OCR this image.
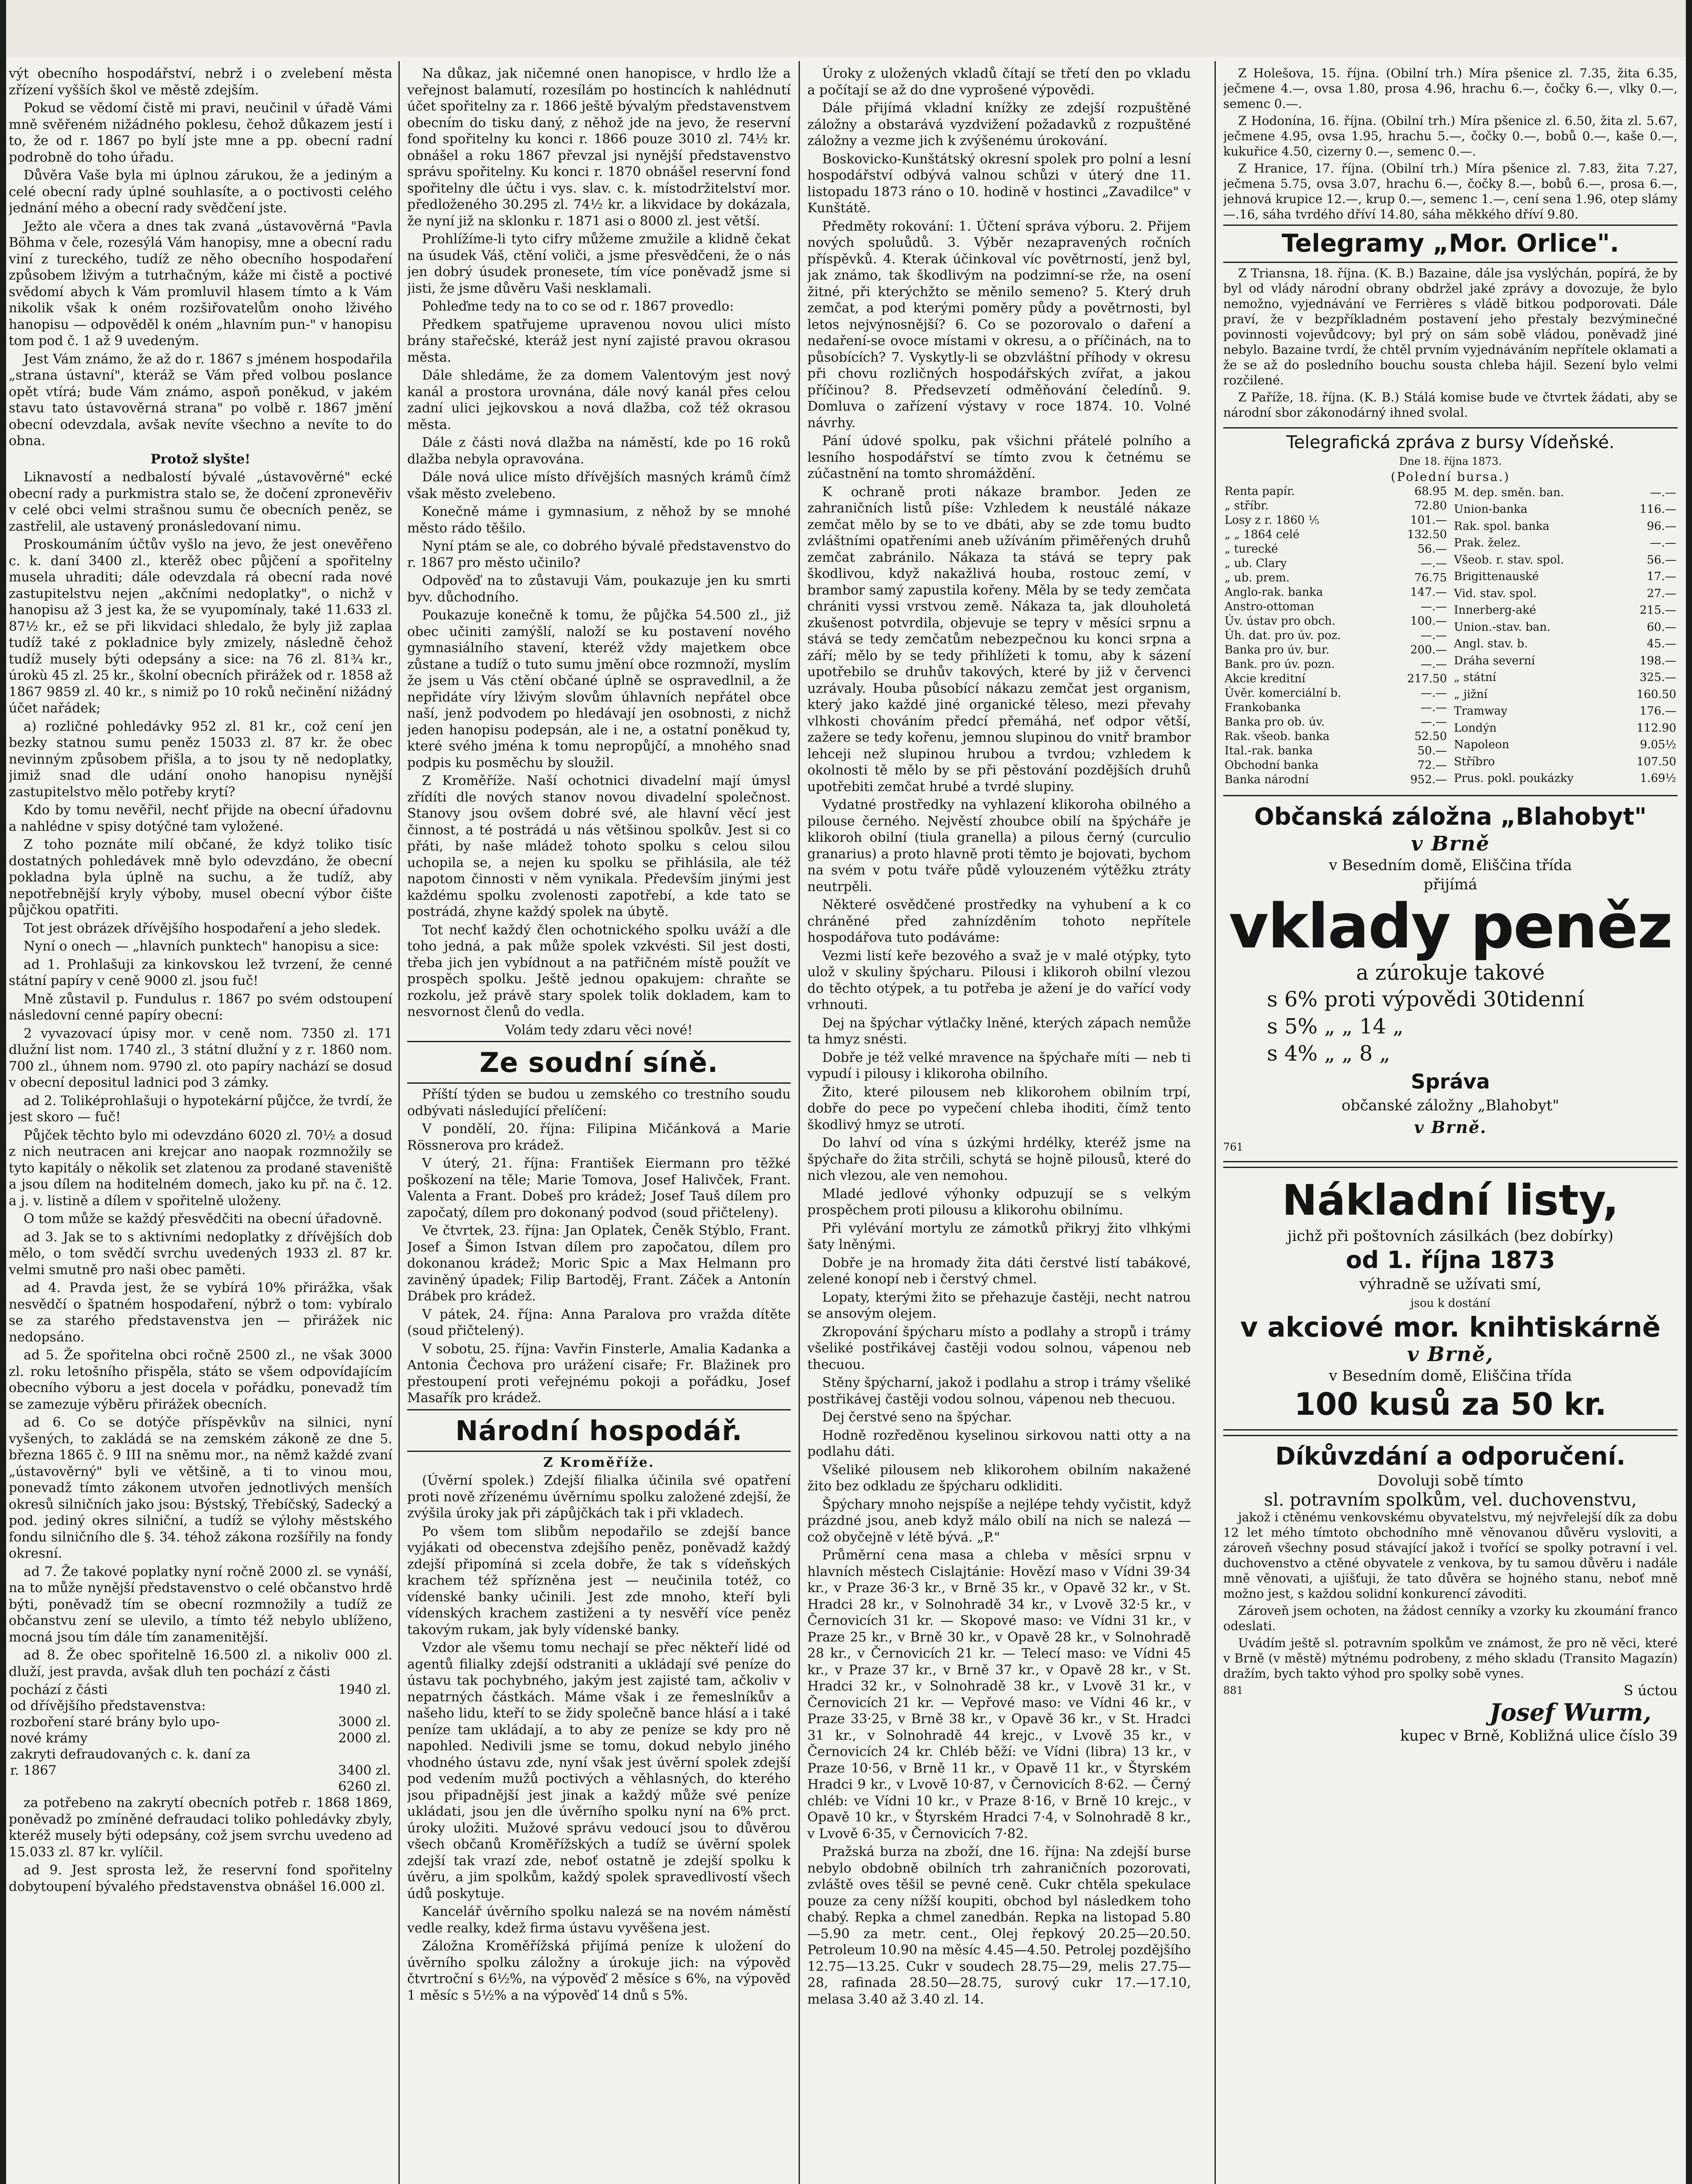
výt obecního hospodářství, nebrž i o zvelebení města zřízení vyšších škol ve městě zdejším.

Pokud se vědomí čistě mi pravi, neučinil v úřadě Vámi mně svěřeném nižádného poklesu, čehož důkazem jestí i to, že od r. 1867 po bylí jste mne a pp. obecní radní podrobně do toho úřadu.

Důvěra Vaše byla mi úplnou zárukou, že a jediným a celé obecní rady úplné souhlasíte, a o poctivosti celého jednání mého a obecní rady svědčení jste.

Ježto ale včera a dnes tak zvaná „ústavověrná "Pavla Böhma v čele, rozesýlá Vám hanopisy, mne a obecní radu viní z tureckého, tudíž ze něho obecního hospodaření způsobem lživým a tutrhačným, káže mi čistě a poctivé svědomí abych k Vám promluvil hlasem tímto a k Vám nikolik však k oném rozšiřovatelům onoho lživého hanopisu — odpověděl k oném „hlavním pun-" v hanopisu tom pod č. 1 až 9 uvedeným.

Jest Vám známo, že až do r. 1867 s jménem hospodařila „strana ústavní", kteráž se Vám před volbou poslance opět vtírá; bude Vám známo, aspoň poněkud, v jakém stavu tato ústavověrná strana" po volbě r. 1867 jmění obecní odevzdala, avšak nevíte všechno a nevíte to do obna.

Protož slyšte!

Liknavostí a nedbalostí bývalé „ústavověrné" ecké obecní rady a purkmistra stalo se, že dočení zpronevěřiv v celé obci velmi strašnou sumu če obecních peněz, se zastřelil, ale ustavený pronásledovaní nimu.

Proskoumáním účtův vyšlo na jevo, že jest onevěřeno c. k. daní 3400 zl., kterěž obec půjčení a spořitelny musela uhraditi; dále odevzdala rá obecní rada nové zastupitelstvu nejen „akčními nedoplatky", o nichž v hanopisu až 3 jest ka, že se vyupomínaly, také 11.633 zl. 87½ kr., ež se při likvidaci shledalo, že byly již zaplaa tudíž také z pokladnice byly zmizely, následně čehož tudíž musely býti odepsány a sice: na 76 zl. 81¾ kr., úrokù 45 zl. 25 kr., školní obecních přirážek od r. 1858 až 1867 9859 zl. 40 kr., s nimiž po 10 roků nečinění nižádný účet nařádek;

a) rozličné pohledávky 952 zl. 81 kr., což cení jen bezky statnou sumu peněz 15033 zl. 87 kr. že obec nevinným způsobem přišla, a to jsou ty ně nedoplatky, jimiž snad dle udání onoho hanopisu nynější zastupitelstvo mělo potřeby krytí?

Kdo by tomu nevěřil, nechť přijde na obecní úřadovnu a nahlédne v spisy dotýčné tam vyložené.

Z toho poznáte milí občané, že kdyż toliko tisíc dostatných pohledávek mně bylo odevzdáno, že obecní pokladna byla úplně na suchu, a že tudíž, aby nepotřebnější kryly výboby, musel obecní výbor čište půjčkou opatřiti.

Tot jest obrázek dřívějšího hospodaření a jeho sledek.

Nyní o onech — „hlavních punktech" hanopisu a sice:

ad 1. Prohlašuji za kinkovskou lež tvrzení, že cenné státní papíry v ceně 9000 zl. jsou fuč!

Mně zůstavil p. Fundulus r. 1867 po svém odstoupení následovní cenné papíry obecní:

2 vyvazovací úpisy mor. v ceně nom. 7350 zl. 171 dlužní list nom. 1740 zl., 3 státní dlužní y z r. 1860 nom. 700 zl., úhnem nom. 9790 zl. oto papíry nachází se dosud v obecní depositul ladnici pod 3 zámky.

ad 2. Toliképrohlašuji o hypotekární půjčce, že tvrdí, že jest skoro — fuč!

Půjček těchto bylo mi odevzdáno 6020 zl. 70½ a dosud z nich neutracen ani krejcar ano naopak rozmnožily se tyto kapitály o několik set zlatenou za prodané staveniště a jsou dílem na hoditelném domech, jako ku př. na č. 12. a j. v. listině a dílem v spořitelně uloženy.

O tom může se každý přesvědčiti na obecní úřadovně.

ad 3. Jak se to s aktivními nedoplatky z dřívějších dob mělo, o tom svědčí svrchu uvedených 1933 zl. 87 kr. velmi smutně pro naši obec paměti.

ad 4. Pravda jest, že se vybírá 10% přirážka, však nesvědčí o špatném hospodaření, nýbrž o tom: vybíralo se za starého představenstva jen — přirážek nic nedopsáno.

ad 5. Že spořitelna obci ročně 2500 zl., ne však 3000 zl. roku letošního přispěla, státo se všem odpovídajícím obecního výboru a jest docela v pořádku, ponevadž tím se zamezuje výběru přirážek obecních.

ad 6. Co se dotýče příspěvkův na silnici, nyní vyšených, to zakládá se na zemském zákoně ze dne 5. března 1865 č. 9 III na sněmu mor., na němž každé zvaní „ústavověrný" byli ve většině, a ti to vinou mou, ponevadž tímto zákonem utvořen jednotlivých menších okresů silničních jako jsou: Býstský, Třebíčský, Sadecký a pod. jediný okres silniční, a tudíž se výlohy městského fondu silničního dle §. 34. téhož zákona rozšířily na fondy okresní.

ad 7. Že takové poplatky nyní ročně 2000 zl. se vynáší, na to může nynější představenstvo o celé občanstvo hrdě býti, poněvadž tím se obecní rozmnožily a tudíž ze občanstvu zení se ulevilo, a tímto též nebylo ublíženo, mocná jsou tím dále tím zanamenitější.

ad 8. Že obec spořitelně 16.500 zl. a nikoliv 000 zl. dluží, jest pravda, avšak dluh ten pochází z části

pochází z části	1940 zl.
od dřívějšího představenstva:	
rozboření staré brány bylo upo-	3000 zl.
nové krámy	2000 zl.
zakryti defraudovaných c. k. daní za	
r. 1867	3400 zl.
	6260 zl.

za potřebeno na zakrytí obecních potřeb r. 1868 1869, poněvadž po zmíněné defraudaci toliko pohledávky zbyly, kteréž musely býti odepsány, což jsem svrchu uvedeno ad 15.033 zl. 87 kr. vylíčil.

ad 9. Jest sprosta lež, že reservní fond spořitelny dobytoupení bývalého představenstva obnášel 16.000 zl.

Na důkaz, jak ničemné onen hanopisce, v hrdlo lže a veřejnost balamutí, rozesílám po hostincích k nahlédnutí účet spořitelny za r. 1866 ještě bývalým představenstvem obecním do tisku daný, z něhož jde na jevo, že reservní fond spořitelny ku konci r. 1866 pouze 3010 zl. 74½ kr. obnášel a roku 1867 převzal jsi nynější představenstvo správu spořitelny. Ku konci r. 1870 obnášel reservní fond spořitelny dle účtu i vys. slav. c. k. místodržitelství mor. předloženého 30.295 zl. 74½ kr. a likvidace by dokázala, že nyní již na sklonku r. 1871 asi o 8000 zl. jest větší.

Prohlížíme-li tyto cifry můžeme zmužile a klidně čekat na úsudek Váš, ctění voliči, a jsme přesvědčeni, že o nás jen dobrý úsudek pronesete, tím více poněvadž jsme si jisti, že jsme důvěru Vaši nesklamali.

Pohleďme tedy na to co se od r. 1867 provedlo:

Předkem spatřujeme upravenou novou ulici místo brány stařečské, kteráž jest nyní zajisté pravou okrasou města.

Dále shledáme, že za domem Valentovým jest nový kanál a prostora urovnána, dále nový kanál přes celou zadní ulici jejkovskou a nová dlažba, což též okrasou města.

Dále z části nová dlažba na náměstí, kde po 16 roků dlažba nebyla opravována.

Dále nová ulice místo dřívějších masných krámů čímž však město zvelebeno.

Konečně máme i gymnasium, z něhož by se mnohé město rádo těšilo.

Nyní ptám se ale, co dobrého bývalé představenstvo do r. 1867 pro město učinilo?

Odpověď na to zůstavuji Vám, poukazuje jen ku smrti byv. důchodního.

Poukazuje konečně k tomu, že půjčka 54.500 zl., již obec učiniti zamýšlí, naloží se ku postavení nového gymnasiálního stavení, kteréž vždy majetkem obce zůstane a tudíž o tuto sumu jmění obce rozmnoží, myslím že jsem u Vás ctění občané úplně se ospravedlnil, a že nepřidáte víry lživým slovům úhlavních nepřátel obce naší, jenž podvodem po hledávají jen osobnosti, z nichž jeden hanopisu podepsán, ale i ne, a ostatní poněkud ty, které svého jména k tomu nepropůjčí, a mnohého snad podpis ku posměchu by sloužil.

Z Kroměříže. Naší ochotnici divadelní mají úmysl zřídíti dle nových stanov novou divadelní společnost. Stanovy jsou ovšem dobré své, ale hlavní věcí jest činnost, a té postrádá u nás většinou spolkův. Jest si co přáti, by naše mládež tohoto spolku s celou silou uchopila se, a nejen ku spolku se přihlásila, ale též napotom činnosti v něm vynikala. Především jinými jest každému spolku zvolenosti zapotřebí, a kde tato se postrádá, zhyne každý spolek na úbytě.

Tot nechť každý člen ochotnického spolku uváží a dle toho jedná, a pak může spolek vzkvésti. Sil jest dosti, třeba jich jen vybídnout a na patřičném místě použít ve prospěch spolku. Ještě jednou opakujem: chraňte se rozkolu, jež právě stary spolek tolik dokladem, kam to nesvornost členů do vedla.

Volám tedy zdaru věci nové!

Ze soudní síně.

Příští týden se budou u zemského co trestního soudu odbývati následující přelíčení:

V pondělí, 20. října: Filipina Mičánková a Marie Rössnerova pro krádež.

V úterý, 21. října: František Eiermann pro těžké poškození na těle; Marie Tomova, Josef Halivček, Frant. Valenta a Frant. Dobeš pro krádež; Josef Tauš dílem pro započatý, dílem pro dokonaný podvod (soud přičteleny).

Ve čtvrtek, 23. října: Jan Oplatek, Čeněk Stýblo, Frant. Josef a Šimon Istvan dílem pro započatou, dílem pro dokonanou krádež; Moric Spic a Max Helmann pro zaviněný úpadek; Filip Bartoděj, Frant. Záček a Antonín Drábek pro krádež.

V pátek, 24. října: Anna Paralova pro vražda dítěte (soud přičtelený).

V sobotu, 25. října: Vavřin Finsterle, Amalia Kadanka a Antonia Čechova pro urážení cisaře; Fr. Blažinek pro přestoupení proti veřejnému pokoji a pořádku, Josef Masařík pro krádež.

Národní hospodář.

Z Kroměříže.

(Úvěrní spolek.) Zdejší filialka účinila své opatření proti nově zřízenému úvěrnímu spolku založené zdejší, že zvýšila úroky jak při zápůjčkách tak i při vkladech.

Po všem tom slibům nepodařilo se zdejší bance vyjákati od obecenstva zdejšího peněz, poněvadž každý zdejší připomíná si zcela dobře, že tak s vídeňských krachem též spřízněna jest — neučinila totéž, co vídenské banky učinili. Jest zde mnoho, kteří byli vídenských krachem zastiženi a ty nesvěří více peněz takovým rukam, jak byly vídenské banky.

Vzdor ale všemu tomu nechají se přec někteří lidé od agentů filialky zdejší odstraniti a ukládají své peníze do ústavu tak pochybného, jakým jest zajisté tam, ačkoliv v nepatrných částkách. Máme však i ze řemeslníkův a našeho lidu, kteří to se židy společně bance hlásí a i také peníze tam ukládají, a to aby ze peníze se kdy pro ně napohled. Nedivili jsme se tomu, dokud nebylo jiného vhodného ústavu zde, nyní však jest úvěrní spolek zdejší pod vedením mužů poctivých a věhlasných, do kterého jsou připadnější jest jinak a každý může své peníze ukládati, jsou jen dle úvěrního spolku nyní na 6% prct. úroky uložiti. Mužové správu vedoucí jsou to důvěrou všech občanů Kroměřížských a tudíž se úvěrní spolek zdejší tak vrazí zde, neboť ostatně je zdejší spolku k úvěru, a jim spolkům, každý spolek spravedlivostí všech údů poskytuje.

Kancelář úvěrního spolku nalezá se na novém náměstí vedle realky, kdež firma ústavu vyvěšena jest.

Záložna Kroměřížská přijímá peníze k uložení do úvěrního spolku záložny a úrokuje jich: na výpověď čtvrtroční s 6½%, na výpověď 2 měsíce s 6%, na výpověď 1 měsíc s 5½% a na výpověď 14 dnů s 5%.

Úroky z uložených vkladů čítají se třetí den po vkladu a počítají se až do dne vyprošené výpovědi.

Dále přijímá vkladní knížky ze zdejší rozpuštěné záložny a obstarává vyzdvižení požadavků z rozpuštěné záložny a vezme jich k zvýšenému úrokování.

Boskovicko-Kunštátský okresní spolek pro polní a lesní hospodářství odbývá valnou schůzi v úterý dne 11. listopadu 1873 ráno o 10. hodině v hostinci „Zavadilce" v Kunštátě.

Předměty rokování: 1. Účtení správa výboru. 2. Přijem nových spoluůdů. 3. Výběr nezapravených ročních příspěvků. 4. Kterak účinkoval víc povětrností, jenž byl, jak známo, tak škodlivým na podzimní-se rže, na osení žitné, při kterýchžto se měnilo semeno? 5. Který druh zemčat, a pod kterými poměry půdy a povětrnosti, byl letos nejvýnosnější? 6. Co se pozorovalo o daření a nedaření-se ovoce místami v okresu, a o příčinách, na to působících? 7. Vyskytly-li se obzvláštní příhody v okresu při chovu rozličných hospodářských zvířat, a jakou příčinou? 8. Předsevzetí odměňování čeledínů. 9. Domluva o zařízení výstavy v roce 1874. 10. Volné návrhy.

Pání údové spolku, pak všichni přátelé polního a lesního hospodářství se tímto zvou k četnému se zúčastnění na tomto shromáždění.

K ochraně proti nákaze brambor. Jeden ze zahraničních listů píše: Vzhledem k neustálé nákaze zemčat mělo by se to ve dbáti, aby se zde tomu budto zvláštními opatřeními aneb užíváním přiměřených druhů zemčat zabránilo. Nákaza ta stává se tepry pak škodlivou, když nakažlivá houba, rostouc zemí, v brambor samý zapustila kořeny. Měla by se tedy zemčata chrániti vyssi vrstvou země. Nákaza ta, jak dlouholetá zkušenost potvrdila, objevuje se tepry v měsíci srpnu a stává se tedy zemčatům nebezpečnou ku konci srpna a září; mělo by se tedy přihlížeti k tomu, aby k sázení upotřebilo se druhův takových, které by již v červenci uzrávaly. Houba působící nákazu zemčat jest organism, který jako každé jiné organické těleso, mezi převahy vlhkosti chováním předcí přemáhá, neť odpor větší, zažere se tedy kořenu, jemnou slupinou do vnitř brambor lehceji než slupinou hrubou a tvrdou; vzhledem k okolnosti tě mělo by se při pěstování pozdějších druhů upotřebiti zemčat hrubé a tvrdé slupiny.

Vydatné prostředky na vyhlazení klikoroha obilného a pilouse černého. Nejvěstí zhoubce obilí na špýcháře je klikoroh obilní (tiula granella) a pilous černý (curculio granarius) a proto hlavně proti těmto je bojovati, bychom na svém v potu tváře půdě vylouzeném výtěžku ztráty neutrpěli.

Některé osvědčené prostředky na vyhubení a k co chráněné před zahnízděním tohoto nepřítele hospodářova tuto podáváme:

Vezmi listí keře bezového a svaž je v malé otýpky, tyto ulož v skuliny špýcharu. Pilousi i klikoroh obilní vlezou do těchto otýpek, a tu potřeba je ažení je do vařící vody vrhnouti.

Dej na špýchar výtlačky lněné, kterých zápach nemůže ta hmyz snésti.

Dobře je též velké mravence na špýchaře míti — neb ti vypudí i pilousy i klikoroha obilního.

Žito, které pilousem neb klikorohem obilním trpí, dobře do pece po vypečení chleba ihoditi, čímž tento škodlivý hmyz se utrotí.

Do lahví od vína s úzkými hrdélky, kteréž jsme na špýchaře do žita strčili, schytá se hojně pilousů, které do nich vlezou, ale ven nemohou.

Mladé jedlové výhonky odpuzují se s velkým prospěchem proti pilousu a klikorohu obilnímu.

Při vylévání mortylu ze zámotků přikryj žito vlhkými šaty lněnými.

Dobře je na hromady žita dáti čerstvé listí tabákové, zelené konopí neb i čerstvý chmel.

Lopaty, kterými žito se přehazuje častěji, necht natrou se ansovým olejem.

Zkropování špýcharu místo a podlahy a stropů i trámy všeliké postřikávej častěji vodou solnou, vápenou neb thecuou.

Stěny špýcharní, jakož i podlahu a strop i trámy všeliké postřikávej častěji vodou solnou, vápenou neb thecuou.

Dej čerstvé seno na špýchar.

Hodně rozředěnou kyselinou sirkovou natti otty a na podlahu dáti.

Všeliké pilousem neb klikorohem obilním nakažené žito bez odkladu ze špýcharu odkliditi.

Špýchary mnoho nejspíše a nejlépe tehdy vyčistit, když prázdné jsou, aneb když málo obilí na nich se nalezá — což obyčejně v létě bývá. „P."

Průměrní cena masa a chleba v měsíci srpnu v hlavních městech Cislajtánie: Hovězí maso v Vídni 39·34 kr., v Praze 36·3 kr., v Brně 35 kr., v Opavě 32 kr., v St. Hradci 28 kr., v Solnohradě 34 kr., v Lvově 32·5 kr., v Černovicích 31 kr. — Skopové maso: ve Vídni 31 kr., v Praze 25 kr., v Brně 30 kr., v Opavě 28 kr., v Solnohradě 28 kr., v Černovicích 21 kr. — Telecí maso: ve Vídni 45 kr., v Praze 37 kr., v Brně 37 kr., v Opavě 28 kr., v St. Hradci 32 kr., v Solnohradě 38 kr., v Lvově 31 kr., v Černovicích 21 kr. — Vepřové maso: ve Vídni 46 kr., v Praze 33·25, v Brně 38 kr., v Opavě 36 kr., v St. Hradci 31 kr., v Solnohradě 44 krejc., v Lvově 35 kr., v Černovicích 24 kr. Chléb běží: ve Vídni (libra) 13 kr., v Praze 10·56, v Brně 11 kr., v Opavě 11 kr., v Štyrském Hradci 9 kr., v Lvově 10·87, v Černovicích 8·62. — Černý chléb: ve Vídni 10 kr., v Praze 8·16, v Brně 10 krejc., v Opavě 10 kr., v Štyrském Hradci 7·4, v Solnohradě 8 kr., v Lvově 6·35, v Černovicích 7·82.

Pražská burza na zboží, dne 16. října: Na zdejší burse nebylo obdobně obilních trh zahraničních pozorovati, zvláště oves těšil se pevné ceně. Cukr chtěla spekulace pouze za ceny nížší koupiti, obchod byl následkem toho chabý. Repka a chmel zanedbán. Repka na listopad 5.80—5.90 za metr. cent., Olej řepkový 20.25—20.50. Petroleum 10.90 na měsíc 4.45—4.50. Petrolej pozdějšího 12.75—13.25. Cukr v soudech 28.75—29, melis 27.75—28, rafinada 28.50—28.75, surový cukr 17.—17.10, melasa 3.40 až 3.40 zl. 14.

Z Holešova, 15. října. (Obilní trh.) Míra pšenice zl. 7.35, žita 6.35, ječmene 4.—, ovsa 1.80, prosa 4.96, hrachu 6.—, čočky 6.—, vlky 0.—, semenc 0.—.

Z Hodonína, 16. října. (Obilní trh.) Míra pšenice zl. 6.50, žita zl. 5.67, ječmene 4.95, ovsa 1.95, hrachu 5.—, čočky 0.—, bobů 0.—, kaše 0.—, kukuřice 4.50, cizerny 0.—, semenc 0.—.

Z Hranice, 17. října. (Obilní trh.) Míra pšenice zl. 7.83, žita 7.27, ječmena 5.75, ovsa 3.07, hrachu 6.—, čočky 8.—, bobů 6.—, prosa 6.—, jehnová krupice 12.—, krup 0.—, semenc 1.—, cení sena 1.96, otep slámy —.16, sáha tvrdého dříví 14.80, sáha měkkého dříví 9.80.

Telegramy „Mor. Orlice".

Z Triansna, 18. října. (K. B.) Bazaine, dále jsa vyslýchán, popírá, že by byl od vlády národní obrany obdržel jaké zprávy a dovozuje, že bylo nemožno, vyjednávání ve Ferrières s vládě bitkou podporovati. Dále praví, že v bezpříkladném postavení jeho přestaly bezvýminečné povinnosti vojevůdcovy; byl prý on sám sobě vládou, poněvadž jiné nebylo. Bazaine tvrdí, že chtěl prvním vyjednáváním nepřítele oklamati a že se až do posledního bouchu sousta chleba hájil. Sezení bylo velmi rozčilené.

Z Paříže, 18. října. (K. B.) Stálá komise bude ve čtvrtek žádati, aby se národní sbor zákonodárný ihned svolal.

Telegrafická zpráva z bursy Vídeňské.
Dne 18. října 1873.
(Polední bursa.)
Renta papír.	68.95
„ stříbr.	72.80
Losy z r. 1860 ⅕	101.—
„ „ 1864 celé	132.50
„ turecké	56.—
„ ub. Clary	—.—
„ ub. prem.	76.75
Anglo-rak. banka	147.—
Anstro-ottoman	—.—
Úv. ústav pro obch.	100.—
Úh. dat. pro úv. poz.	—.—
Banka pro úv. bur.	200.—
Bank. pro úv. pozn.	—.—
Akcie kreditní	217.50
Úvěr. komerciální b.	—.—
Frankobanka	—.—
Banka pro ob. úv.	—.—
Rak. všeob. banka	52.50
Ital.-rak. banka	50.—
Obchodní banka	72.—
Banka národní	952.—
M. dep. směn. ban.	—.—
Union-banka	116.—
Rak. spol. banka	96.—
Prak. želez.	—.—
Všeob. r. stav. spol.	56.—
Brigittenauské	17.—
Vid. stav. spol.	27.—
Innerberg-aké	215.—
Union.-stav. ban.	60.—
Angl. stav. b.	45.—
Dráha severní	198.—
„ státní	325.—
„ jižní	160.50
Tramway	176.—
Londýn	112.90
Napoleon	9.05½
Stříbro	107.50
Prus. pokl. poukázky	1.69½
Občanská záložna „Blahobyt"
v Brně
v Besedním domě, Eliščina třída
přijímá
vklady peněz
a zúrokuje takové
s 6% proti výpovědi 30tidenní
s 5% „ „ 14 „
s 4% „ „ 8 „
Správa
občanské záložny „Blahobyt"
v Brně.
761
Nákladní listy,
jichž při poštovních zásilkách (bez dobírky)
od 1. října 1873
výhradně se užívati smí,
jsou k dostání
v akciové mor. knihtiskárně
v Brně,
v Besedním domě, Eliščina třída
100 kusů za 50 kr.
Díkůvzdání a odporučení.
Dovoluji sobě tímto
sl. potravním spolkům, vel. duchovenstvu,

jakož i ctěnému venkovskému obyvatelstvu, mý nejvřelejší dík za dobu 12 let mého tímtoto obchodního mně věnovanou důvěru vysloviti, a zároveň všechny posud stávající jakož i tvořící se spolky potravní i vel. duchovenstvo a ctěné obyvatele z venkova, by tu samou důvěru i nadále mně věnovati, a ujišťuji, že tato důvěra se hojného stanu, neboť mně možno jest, s každou solidní konkurencí závoditi.

Zároveň jsem ochoten, na žádost cenníky a vzorky ku zkoumání franco odeslati.

Uvádím ještě sl. potravním spolkům ve známost, že pro ně věci, které v Brně (v městě) mýtnému podrobeny, z mého skladu (Transito Magazín) dražím, bych takto výhod pro spolky sobě vynes.

881	S úctou
Josef Wurm,
kupec v Brně, Kobližná ulice číslo 39
